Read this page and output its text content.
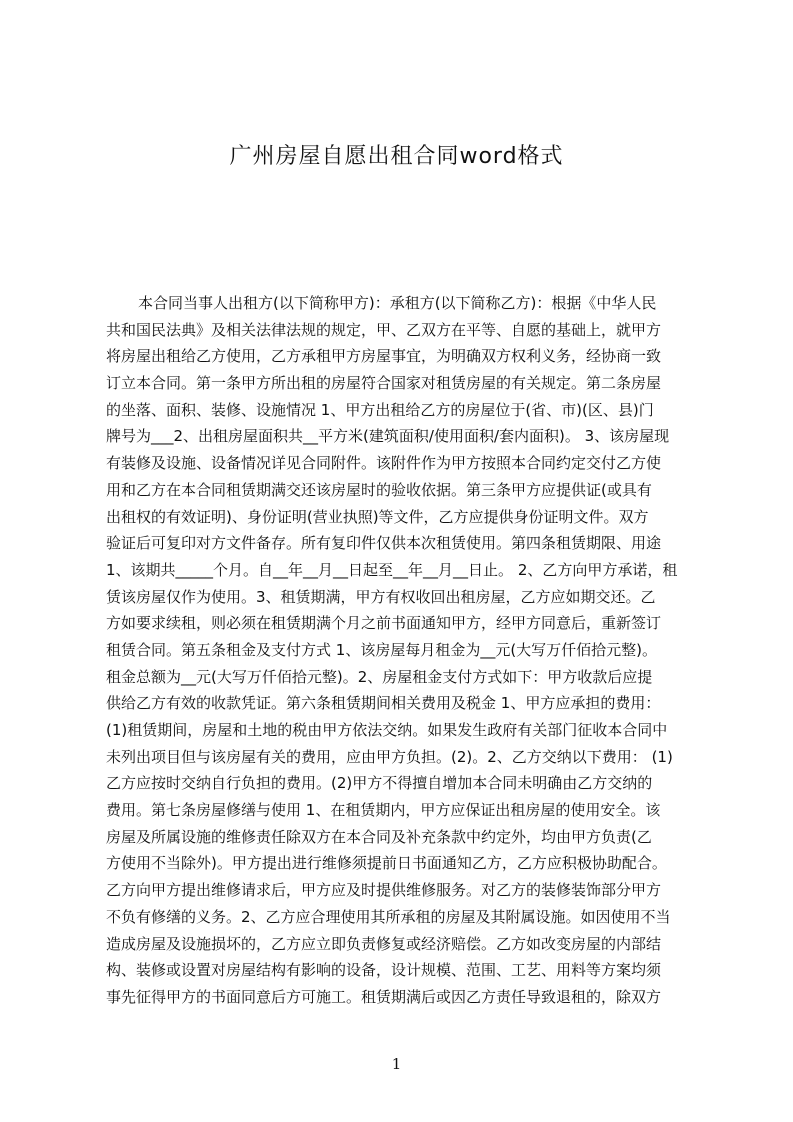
广州房屋自愿出租合同word格式
本合同当事人出租方(以下简称甲方)：承租方(以下简称乙方)：根据《中华人民
共和国民法典》及相关法律法规的规定，甲、乙双方在平等、自愿的基础上，就甲方
将房屋出租给乙方使用，乙方承租甲方房屋事宜，为明确双方权利义务，经协商一致
订立本合同。第一条甲方所出租的房屋符合国家对租赁房屋的有关规定。第二条房屋
的坐落、面积、装修、设施情况 1、甲方出租给乙方的房屋位于(省、市)(区、县)门
牌号为___2、出租房屋面积共__平方米(建筑面积/使用面积/套内面积)。 3、该房屋现
有装修及设施、设备情况详见合同附件。该附件作为甲方按照本合同约定交付乙方使
用和乙方在本合同租赁期满交还该房屋时的验收依据。第三条甲方应提供证(或具有
出租权的有效证明)、身份证明(营业执照)等文件，乙方应提供身份证明文件。双方
验证后可复印对方文件备存。所有复印件仅供本次租赁使用。第四条租赁期限、用途
1、该期共_____个月。自__年__月__日起至__年__月__日止。 2、乙方向甲方承诺，租
赁该房屋仅作为使用。3、租赁期满，甲方有权收回出租房屋，乙方应如期交还。乙
方如要求续租，则必须在租赁期满个月之前书面通知甲方，经甲方同意后，重新签订
租赁合同。第五条租金及支付方式 1、该房屋每月租金为__元(大写万仟佰拾元整)。
租金总额为__元(大写万仟佰拾元整)。2、房屋租金支付方式如下：甲方收款后应提
供给乙方有效的收款凭证。第六条租赁期间相关费用及税金 1、甲方应承担的费用：
(1)租赁期间，房屋和土地的税由甲方依法交纳。如果发生政府有关部门征收本合同中
未列出项目但与该房屋有关的费用，应由甲方负担。(2)。2、乙方交纳以下费用： (1)
乙方应按时交纳自行负担的费用。(2)甲方不得擅自增加本合同未明确由乙方交纳的
费用。第七条房屋修缮与使用 1、在租赁期内，甲方应保证出租房屋的使用安全。该
房屋及所属设施的维修责任除双方在本合同及补充条款中约定外，均由甲方负责(乙
方使用不当除外)。甲方提出进行维修须提前日书面通知乙方，乙方应积极协助配合。
乙方向甲方提出维修请求后，甲方应及时提供维修服务。对乙方的装修装饰部分甲方
不负有修缮的义务。2、乙方应合理使用其所承租的房屋及其附属设施。如因使用不当
造成房屋及设施损坏的，乙方应立即负责修复或经济赔偿。乙方如改变房屋的内部结
构、装修或设置对房屋结构有影响的设备，设计规模、范围、工艺、用料等方案均须
事先征得甲方的书面同意后方可施工。租赁期满后或因乙方责任导致退租的，除双方
1
